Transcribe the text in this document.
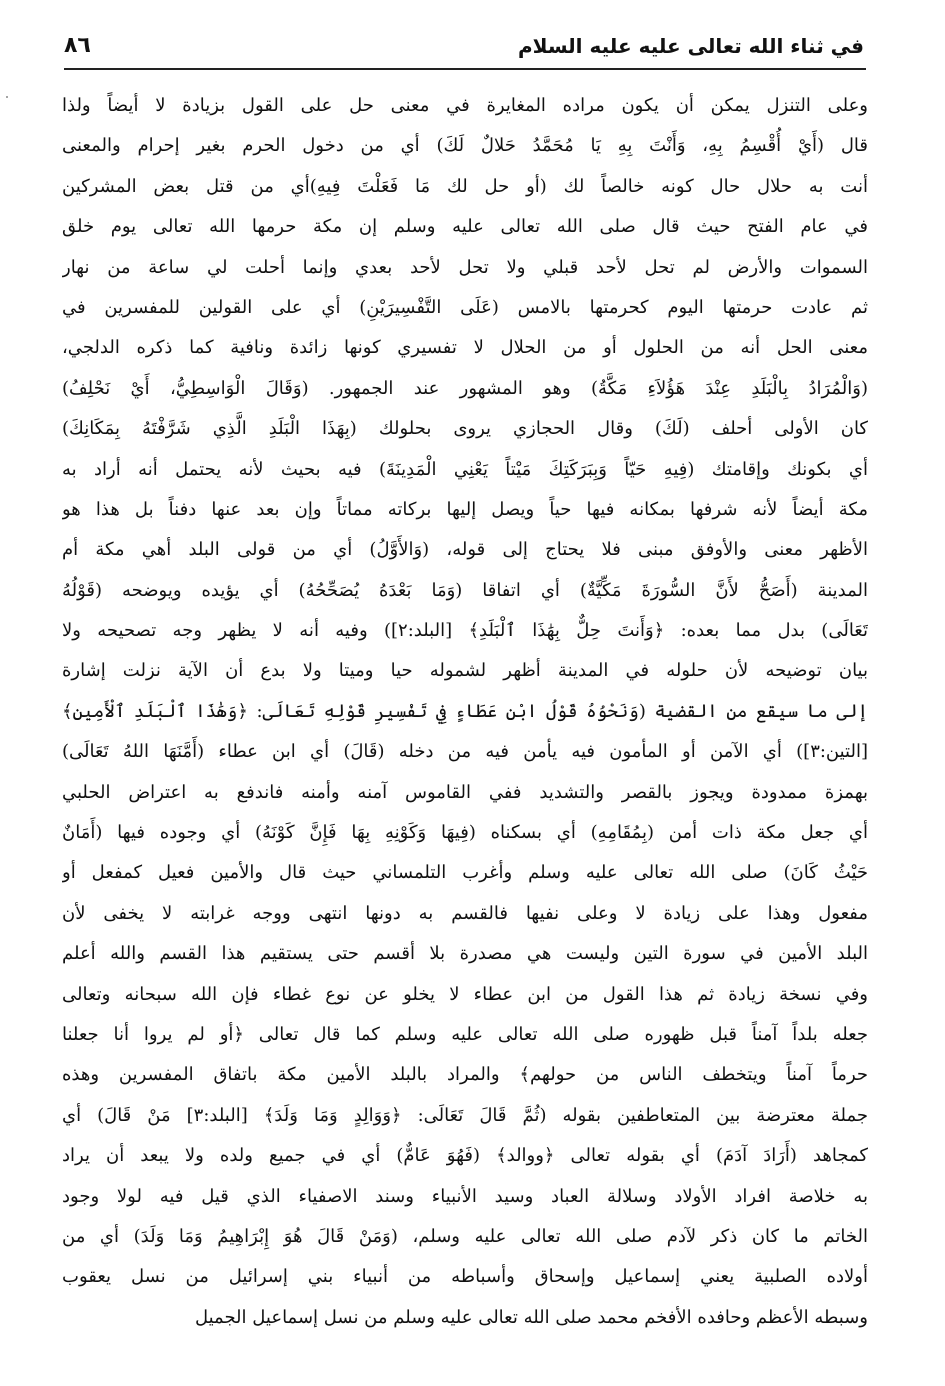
في ثناء الله تعالى عليه عليه السلام
٨٦
وعلى التنزل يمكن أن يكون مراده المغايرة في معنى حل على القول بزيادة لا أيضاً ولذا
قال (أَيْ أُقْسِمُ بِهِ، وَأَنْتَ بِهِ يَا مُحَمَّدُ حَلالٌ لَكَ) أي من دخول الحرم بغير إحرام والمعنى
أنت به حلال حال كونه خالصاً لك (أو حل لك مَا فَعَلْتَ فِيهِ)أي من قتل بعض المشركين
في عام الفتح حيث قال صلى الله تعالى عليه وسلم إن مكة حرمها الله تعالى يوم خلق
السموات والأرض لم تحل لأحد قبلي ولا تحل لأحد بعدي وإنما أحلت لي ساعة من نهار
ثم عادت حرمتها اليوم كحرمتها بالامس (عَلَى التَّفْسِيرَيْنِ) أي على القولين للمفسرين في
معنى الحل أنه من الحلول أو من الحلال لا تفسيري كونها زائدة ونافية كما ذكره الدلجي،
(وَالْمُرَادُ بِالْبَلَدِ عِنْدَ هَؤُلاَءِ مَكَّةُ) وهو المشهور عند الجمهور. (وَقَالَ الْوَاسِطِيُّ، أَيْ نَحْلِفُ)
كان الأولى أحلف (لَكَ) وقال الحجازي يروى بحلولك (بِهَذَا الْبَلَدِ الَّذِي شَرَّفْتَهُ بِمَكَانِكَ)
أي بكونك وإقامتك (فِيهِ حَيّاً وَبِبَرَكَتِكَ مَيْتاً يَعْنِي الْمَدِينَةَ) فيه بحيث لأنه يحتمل أنه أراد به
مكة أيضاً لأنه شرفها بمكانه فيها حياً ويصل إليها بركاته مماتاً وإن بعد عنها دفناً بل هذا هو
الأظهر معنى والأوفق مبنى فلا يحتاج إلى قوله، (وَالأَوَّلُ) أي من قولى البلد أهي مكة أم
المدينة (أَصَحُّ لأَنَّ السُّورَةَ مَكِّيَّةٌ) أي اتفاقا (وَمَا بَعْدَهُ يُصَحِّحُهُ) أي يؤيده ويوضحه (قَوْلُهُ
تَعَالَى) بدل مما بعده: ﴿وَأَنتَ حِلٌّ بِهَٰذَا ٱلْبَلَدِ﴾ [البلد:٢]) وفيه أنه لا يظهر وجه تصحيحه ولا
بيان توضيحه لأن حلوله في المدينة أظهر لشموله حيا وميتا ولا بدع أن الآية نزلت إشارة
إلى ما سيقع من القضية (وَنَحْوُهُ قَوْلُ ابْنِ عَطَاءٍ فِي تَفْسِيرِ قَوْلِهِ تَعَالَى: ﴿وَهَٰذَا ٱلْبَلَدِ ٱلْأَمِينِ﴾
[التين:٣]) أي الآمن أو المأمون فيه يأمن فيه من دخله (قَالَ) أي ابن عطاء (أَمَّنَهَا اللهُ تَعَالَى)
بهمزة ممدودة ويجوز بالقصر والتشديد ففي القاموس آمنه وأمنه فاندفع به اعتراض الحلبي
أي جعل مكة ذات أمن (بِمُقَامِهِ) أي بسكناه (فِيهَا وَكَوْنِهِ بِهَا فَإِنَّ كَوْنَهُ) أي وجوده فيها (أَمَانٌ
حَيْثُ كَانَ) صلى الله تعالى عليه وسلم وأغرب التلمساني حيث قال والأمين فعيل كمفعل أو
مفعول وهذا على زيادة لا وعلى نفيها فالقسم به دونها انتهى ووجه غرابته لا يخفى لأن
البلد الأمين في سورة التين وليست هي مصدرة بلا أقسم حتى يستقيم هذا القسم والله أعلم
وفي نسخة زيادة ثم هذا القول من ابن عطاء لا يخلو عن نوع غطاء فإن الله سبحانه وتعالى
جعله بلداً آمناً قبل ظهوره صلى الله تعالى عليه وسلم كما قال تعالى ﴿أو لم يروا أنا جعلنا
حرماً آمناً ويتخطف الناس من حولهم﴾ والمراد بالبلد الأمين مكة باتفاق المفسرين وهذه
جملة معترضة بين المتعاطفين بقوله (ثُمَّ قَالَ تَعَالَى: ﴿وَوَالِدٍ وَمَا وَلَدَ﴾ [البلد:٣] مَنْ قَالَ) أي
كمجاهد (أَرَادَ آدَمَ) أي بقوله تعالى ﴿ووالد﴾ (فَهُوَ عَامٌّ) أي في جميع ولده ولا يبعد أن يراد
به خلاصة افراد الأولاد وسلالة العباد وسيد الأنبياء وسند الاصفياء الذي قيل فيه لولا وجود
الخاتم ما كان ذكر لآدم صلى الله تعالى عليه وسلم، (وَمَنْ قَالَ هُوَ إِبْرَاهِيمُ وَمَا وَلَدَ) أي من
أولاده الصلبية يعني إسماعيل وإسحاق وأسباطه من أنبياء بني إسرائيل من نسل يعقوب
وسبطه الأعظم وحافده الأفخم محمد صلى الله تعالى عليه وسلم من نسل إسماعيل الجميل
